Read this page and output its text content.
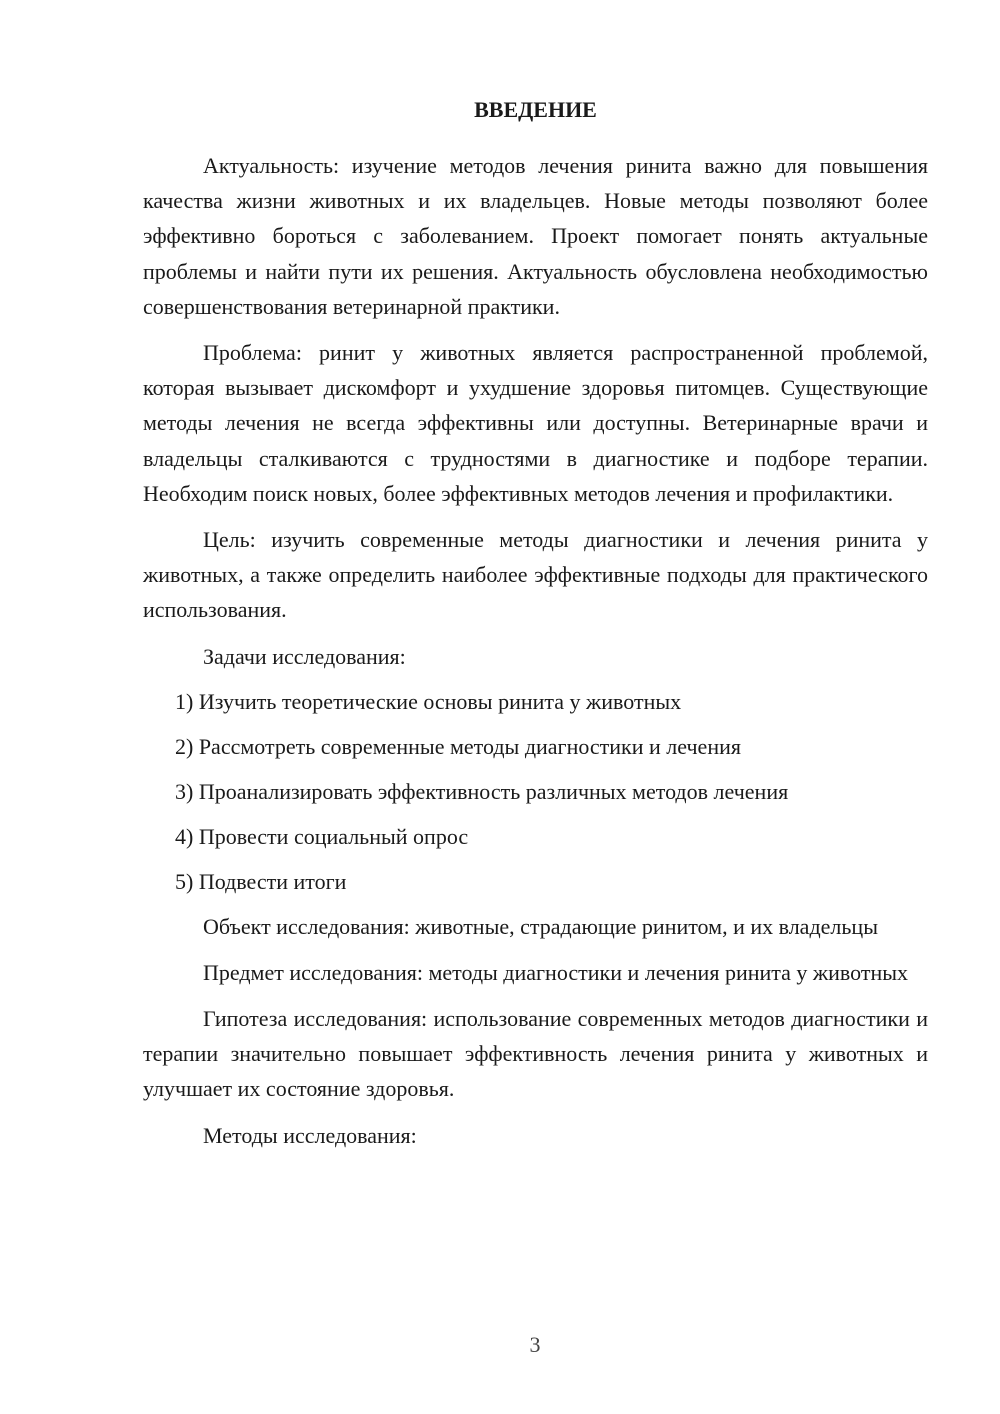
ВВЕДЕНИЕ

Актуальность: изучение методов лечения ринита важно для повышения качества жизни животных и их владельцев. Новые методы позволяют более эффективно бороться с заболеванием. Проект помогает понять актуальные проблемы и найти пути их решения. Актуальность обусловлена необходимостью совершенствования ветеринарной практики.

Проблема: ринит у животных является распространенной проблемой, которая вызывает дискомфорт и ухудшение здоровья питомцев. Существующие методы лечения не всегда эффективны или доступны. Ветеринарные врачи и владельцы сталкиваются с трудностями в диагностике и подборе терапии. Необходим поиск новых, более эффективных методов лечения и профилактики.

Цель: изучить современные методы диагностики и лечения ринита у животных, а также определить наиболее эффективные подходы для практического использования.

Задачи исследования:

1) Изучить теоретические основы ринита у животных
2) Рассмотреть современные методы диагностики и лечения
3) Проанализировать эффективность различных методов лечения
4) Провести социальный опрос
5) Подвести итоги

Объект исследования: животные, страдающие ринитом, и их владельцы

Предмет исследования: методы диагностики и лечения ринита у животных

Гипотеза исследования: использование современных методов диагностики и терапии значительно повышает эффективность лечения ринита у животных и улучшает их состояние здоровья.

Методы исследования:

3
